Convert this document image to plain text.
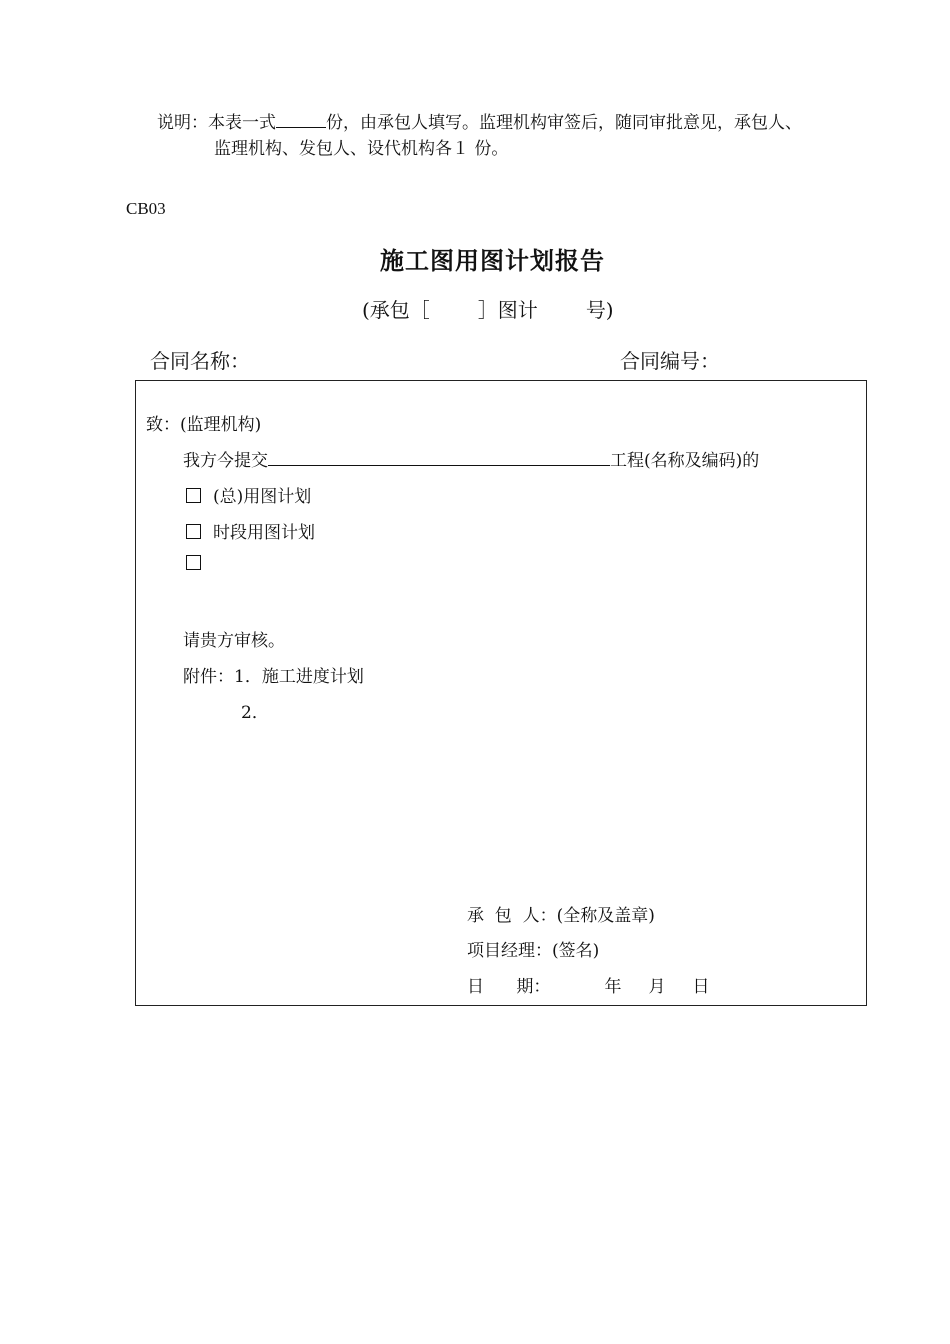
说明：本表一式	份，由承包人填写。监理机构审签后，随同审批意见，承包人、
监理机构、发包人、设代机构各１ 份。
CB03
施工图用图计划报告
(承包［ ］图计 号)
合同名称：	合同编号：
致：(监理机构)
我方今提交	工程(名称及编码)的
(总)用图计划
时段用图计划
请贵方审核。
附件：1．施工进度计划
2．
承  包  人：(全称及盖章)
项目经理：(签名)
日      期：          年     月     日
